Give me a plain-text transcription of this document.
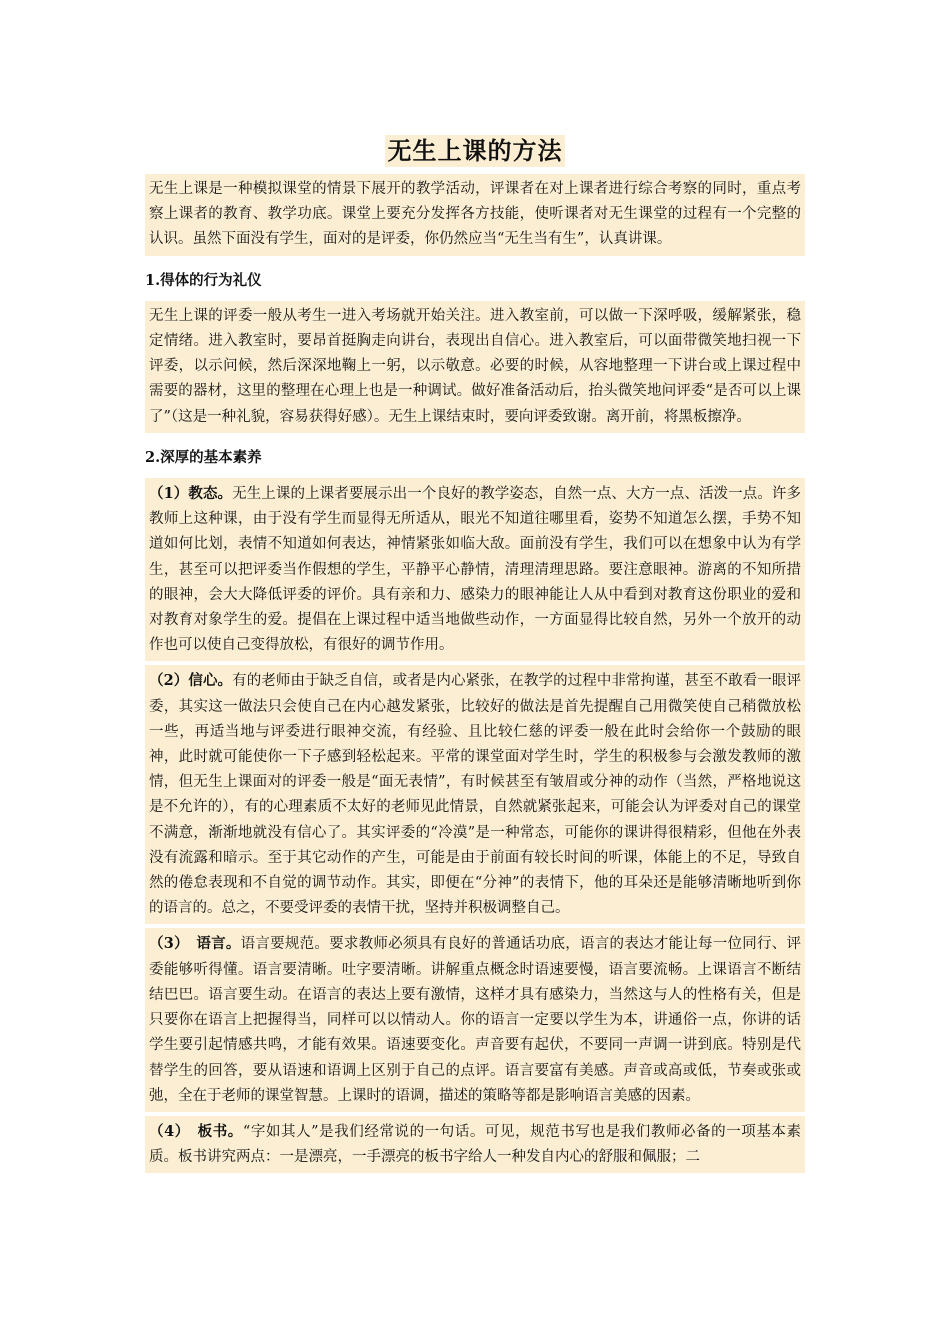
无生上课的方法
无生上课是一种模拟课堂的情景下展开的教学活动，评课者在对上课者进行综合考察的同时，重点考察上课者的教育、教学功底。课堂上要充分发挥各方技能，使听课者对无生课堂的过程有一个完整的认识。虽然下面没有学生，面对的是评委，你仍然应当“无生当有生”，认真讲课。
1.得体的行为礼仪
无生上课的评委一般从考生一进入考场就开始关注。进入教室前，可以做一下深呼吸，缓解紧张，稳定情绪。进入教室时，要昂首挺胸走向讲台，表现出自信心。进入教室后，可以面带微笑地扫视一下评委，以示问候，然后深深地鞠上一躬，以示敬意。必要的时候，从容地整理一下讲台或上课过程中需要的器材，这里的整理在心理上也是一种调试。做好准备活动后，抬头微笑地问评委“是否可以上课了”（这是一种礼貌，容易获得好感）。无生上课结束时，要向评委致谢。离开前，将黑板擦净。
2.深厚的基本素养
（1）教态。无生上课的上课者要展示出一个良好的教学姿态，自然一点、大方一点、活泼一点。许多教师上这种课，由于没有学生而显得无所适从，眼光不知道往哪里看，姿势不知道怎么摆，手势不知道如何比划，表情不知道如何表达，神情紧张如临大敌。面前没有学生，我们可以在想象中认为有学生，甚至可以把评委当作假想的学生，平静平心静情，清理清理思路。要注意眼神。游离的不知所措的眼神，会大大降低评委的评价。具有亲和力、感染力的眼神能让人从中看到对教育这份职业的爱和对教育对象学生的爱。提倡在上课过程中适当地做些动作，一方面显得比较自然，另外一个放开的动作也可以使自己变得放松，有很好的调节作用。
（2）信心。有的老师由于缺乏自信，或者是内心紧张，在教学的过程中非常拘谨，甚至不敢看一眼评委，其实这一做法只会使自己在内心越发紧张，比较好的做法是首先提醒自己用微笑使自己稍微放松一些，再适当地与评委进行眼神交流，有经验、且比较仁慈的评委一般在此时会给你一个鼓励的眼神，此时就可能使你一下子感到轻松起来。平常的课堂面对学生时，学生的积极参与会激发教师的激情，但无生上课面对的评委一般是“面无表情”，有时候甚至有皱眉或分神的动作（当然，严格地说这是不允许的），有的心理素质不太好的老师见此情景，自然就紧张起来，可能会认为评委对自己的课堂不满意，渐渐地就没有信心了。其实评委的“冷漠”是一种常态，可能你的课讲得很精彩，但他在外表没有流露和暗示。至于其它动作的产生，可能是由于前面有较长时间的听课，体能上的不足，导致自然的倦怠表现和不自觉的调节动作。其实，即便在“分神”的表情下，他的耳朵还是能够清晰地听到你的语言的。总之，不要受评委的表情干扰，坚持并积极调整自己。
（3）　语言。语言要规范。要求教师必须具有良好的普通话功底，语言的表达才能让每一位同行、评委能够听得懂。语言要清晰。吐字要清晰。讲解重点概念时语速要慢，语言要流畅。上课语言不断结结巴巴。语言要生动。在语言的表达上要有激情，这样才具有感染力，当然这与人的性格有关，但是只要你在语言上把握得当，同样可以以情动人。你的语言一定要以学生为本，讲通俗一点，你讲的话学生要引起情感共鸣，才能有效果。语速要变化。声音要有起伏，不要同一声调一讲到底。特别是代替学生的回答，要从语速和语调上区别于自己的点评。语言要富有美感。声音或高或低，节奏或张或弛，全在于老师的课堂智慧。上课时的语调，描述的策略等都是影响语言美感的因素。
（4）　板书。“字如其人”是我们经常说的一句话。可见，规范书写也是我们教师必备的一项基本素质。板书讲究两点：一是漂亮，一手漂亮的板书字给人一种发自内心的舒服和佩服；二
